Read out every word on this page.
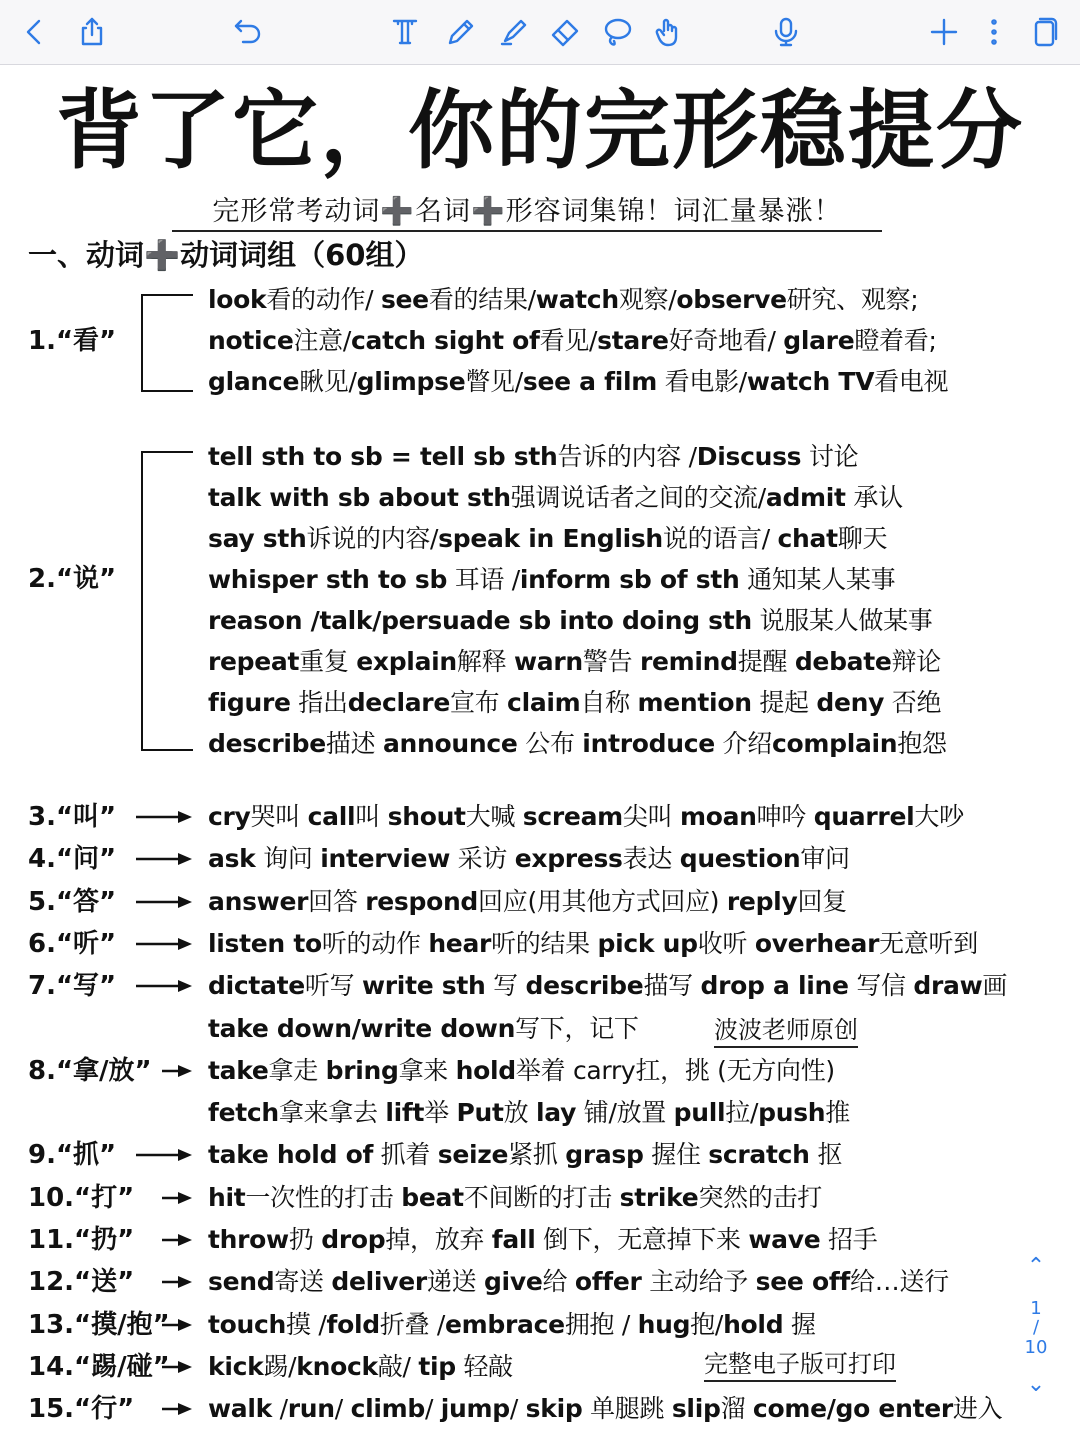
背了它，你的完形稳提分
完形常考动词➕名词➕形容词集锦！词汇量暴涨！
一、动词➕动词词组（60组）
1.“看”
look看的动作/ see看的结果/watch观察/observe研究、观察;
notice注意/catch sight of看见/stare好奇地看/ glare瞪着看;
glance瞅见/glimpse瞥见/see a film 看电影/watch TV看电视
2.“说”
tell sth to sb = tell sb sth告诉的内容 /Discuss 讨论
talk with sb about sth强调说话者之间的交流/admit 承认
say sth诉说的内容/speak in English说的语言/ chat聊天
whisper sth to sb 耳语 /inform sb of sth 通知某人某事
reason /talk/persuade sb into doing sth 说服某人做某事
repeat重复 explain解释 warn警告 remind提醒 debate辩论
figure 指出declare宣布 claim自称 mention 提起 deny 否绝
describe描述 announce 公布 introduce 介绍complain抱怨
3.“叫”	cry哭叫 call叫 shout大喊 scream尖叫 moan呻吟 quarrel大吵
4.“问”	ask 询问 interview 采访 express表达 question审问
5.“答”	answer回答 respond回应(用其他方式回应) reply回复
6.“听”	listen to听的动作 hear听的结果 pick up收听 overhear无意听到
7.“写”	dictate听写 write sth 写 describe描写 drop a line 写信 draw画
take down/write down写下，记下
8.“拿/放” take拿走 bring拿来 hold举着 carry扛，挑 (无方向性)
fetch拿来拿去 lift举 Put放 lay 铺/放置 pull拉/push推
9.“抓”	take hold of 抓着 seize紧抓 grasp 握住 scratch 抠
10.“打”	hit一次性的打击 beat不间断的打击 strike突然的击打
11.“扔”	throw扔 drop掉，放弃 fall 倒下，无意掉下来 wave 招手
12.“送”	send寄送 deliver递送 give给 offer 主动给予 see off给…送行
13.“摸/抱” touch摸 /fold折叠 /embrace拥抱 / hug抱/hold 握
14.“踢/碰” kick踢/knock敲/ tip 轻敲
15.“行”	walk /run/ climb/ jump/ skip 单腿跳 slip溜 come/go enter进入
波波老师原创
完整电子版可打印
⌃
1
∕
10
⌄
